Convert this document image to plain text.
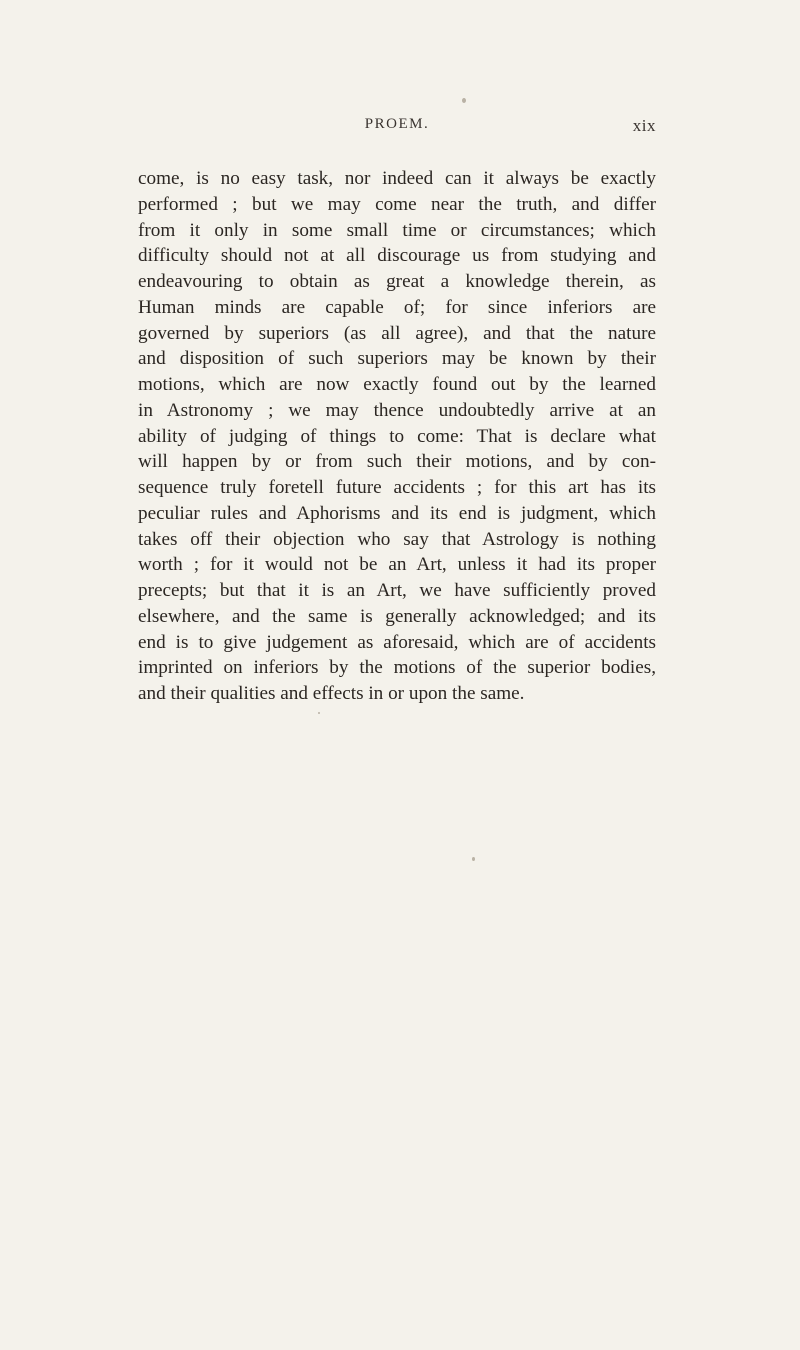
PROEM.	xix
come, is no easy task, nor indeed can it always be exactly
performed ; but we may come near the truth, and differ
from it only in some small time or circumstances; which
difficulty should not at all discourage us from studying and
endeavouring to obtain as great a knowledge therein, as
Human minds are capable of; for since inferiors are
governed by superiors (as all agree), and that the nature
and disposition of such superiors may be known by their
motions, which are now exactly found out by the learned
in Astronomy ; we may thence undoubtedly arrive at an
ability of judging of things to come: That is declare what
will happen by or from such their motions, and by con-
sequence truly foretell future accidents ; for this art has its
peculiar rules and Aphorisms and its end is judgment, which
takes off their objection who say that Astrology is nothing
worth ; for it would not be an Art, unless it had its proper
precepts; but that it is an Art, we have sufficiently proved
elsewhere, and the same is generally acknowledged; and its
end is to give judgement as aforesaid, which are of accidents
imprinted on inferiors by the motions of the superior bodies,
and their qualities and effects in or upon the same.
